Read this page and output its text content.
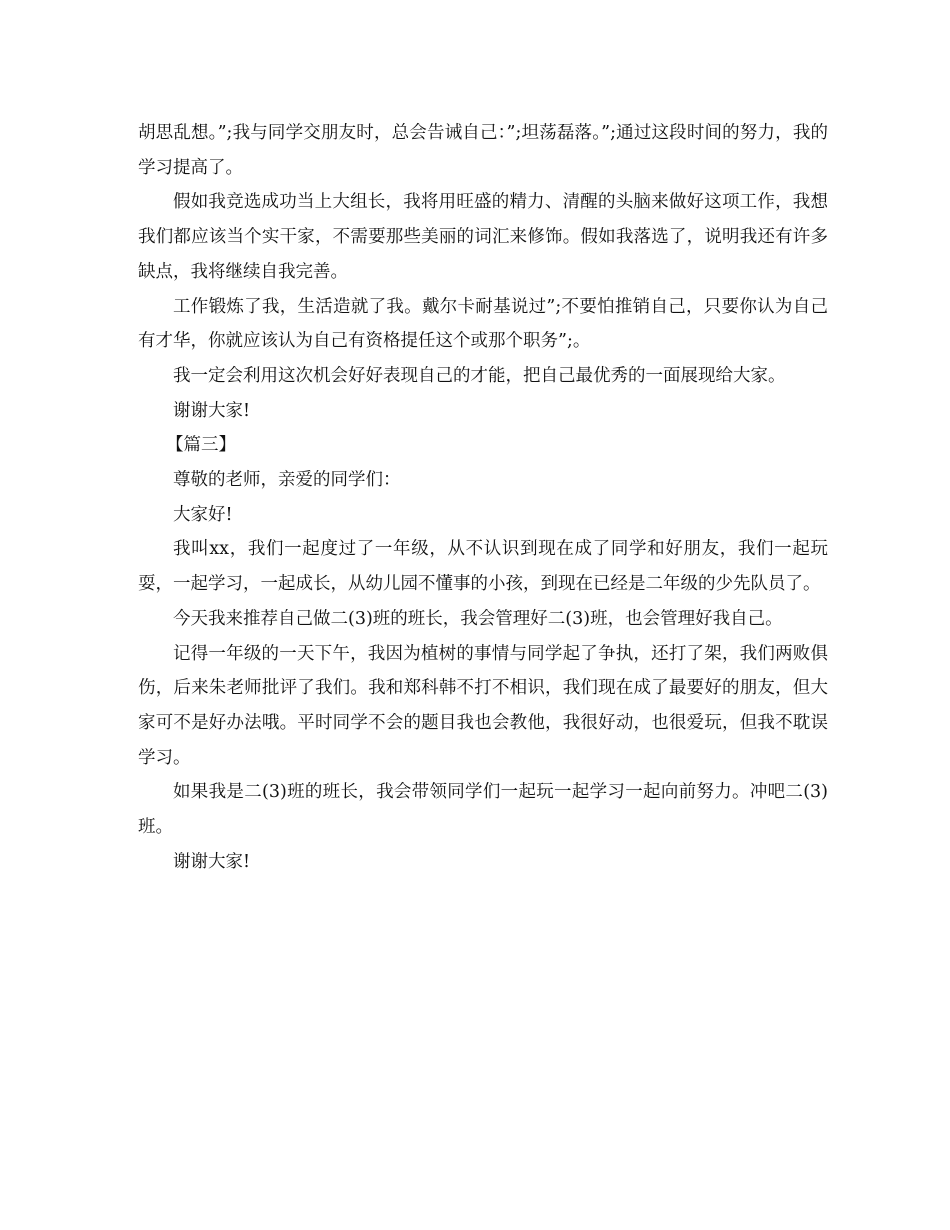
胡思乱想。”;我与同学交朋友时，总会告诫自己：”;坦荡磊落。”;通过这段时间的努力，我的学习提高了。

假如我竞选成功当上大组长，我将用旺盛的精力、清醒的头脑来做好这项工作，我想我们都应该当个实干家，不需要那些美丽的词汇来修饰。假如我落选了，说明我还有许多缺点，我将继续自我完善。

工作锻炼了我，生活造就了我。戴尔卡耐基说过”;不要怕推销自己，只要你认为自己有才华，你就应该认为自己有资格提任这个或那个职务”;。

我一定会利用这次机会好好表现自己的才能，把自己最优秀的一面展现给大家。

谢谢大家!

【篇三】

尊敬的老师，亲爱的同学们：

大家好!

我叫xx，我们一起度过了一年级，从不认识到现在成了同学和好朋友，我们一起玩耍，一起学习，一起成长，从幼儿园不懂事的小孩，到现在已经是二年级的少先队员了。

今天我来推荐自己做二(3)班的班长，我会管理好二(3)班，也会管理好我自己。

记得一年级的一天下午，我因为植树的事情与同学起了争执，还打了架，我们两败俱伤，后来朱老师批评了我们。我和郑科韩不打不相识，我们现在成了最要好的朋友，但大家可不是好办法哦。平时同学不会的题目我也会教他，我很好动，也很爱玩，但我不耽误学习。

如果我是二(3)班的班长，我会带领同学们一起玩一起学习一起向前努力。冲吧二(3)班。

谢谢大家!
